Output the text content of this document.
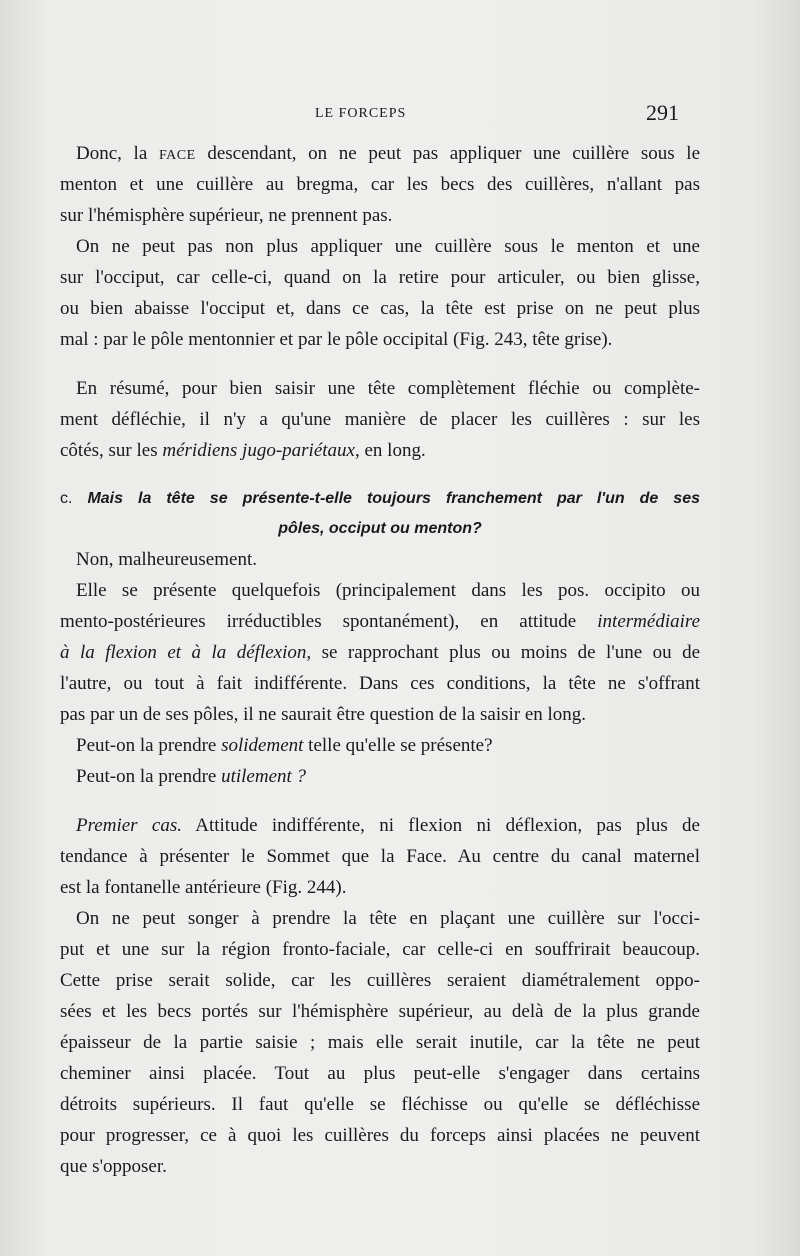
LE FORCEPS	291
Donc, la FACE descendant, on ne peut pas appliquer une cuillère sous le
menton et une cuillère au bregma, car les becs des cuillères, n'allant pas
sur l'hémisphère supérieur, ne prennent pas.
On ne peut pas non plus appliquer une cuillère sous le menton et une
sur l'occiput, car celle-ci, quand on la retire pour articuler, ou bien glisse,
ou bien abaisse l'occiput et, dans ce cas, la tête est prise on ne peut plus
mal : par le pôle mentonnier et par le pôle occipital (Fig. 243, tête grise).
En résumé, pour bien saisir une tête complètement fléchie ou complète-
ment défléchie, il n'y a qu'une manière de placer les cuillères : sur les
côtés, sur les méridiens jugo-pariétaux, en long.
c. Mais la tête se présente-t-elle toujours franchement par l'un de ses
pôles, occiput ou menton?
Non, malheureusement.
Elle se présente quelquefois (principalement dans les pos. occipito ou
mento-postérieures irréductibles spontanément), en attitude intermédiaire
à la flexion et à la déflexion, se rapprochant plus ou moins de l'une ou de
l'autre, ou tout à fait indifférente. Dans ces conditions, la tête ne s'offrant
pas par un de ses pôles, il ne saurait être question de la saisir en long.
Peut-on la prendre solidement telle qu'elle se présente?
Peut-on la prendre utilement ?
Premier cas. Attitude indifférente, ni flexion ni déflexion, pas plus de
tendance à présenter le Sommet que la Face. Au centre du canal maternel
est la fontanelle antérieure (Fig. 244).
On ne peut songer à prendre la tête en plaçant une cuillère sur l'occi-
put et une sur la région fronto-faciale, car celle-ci en souffrirait beaucoup.
Cette prise serait solide, car les cuillères seraient diamétralement oppo-
sées et les becs portés sur l'hémisphère supérieur, au delà de la plus grande
épaisseur de la partie saisie ; mais elle serait inutile, car la tête ne peut
cheminer ainsi placée. Tout au plus peut-elle s'engager dans certains
détroits supérieurs. Il faut qu'elle se fléchisse ou qu'elle se défléchisse
pour progresser, ce à quoi les cuillères du forceps ainsi placées ne peuvent
que s'opposer.
